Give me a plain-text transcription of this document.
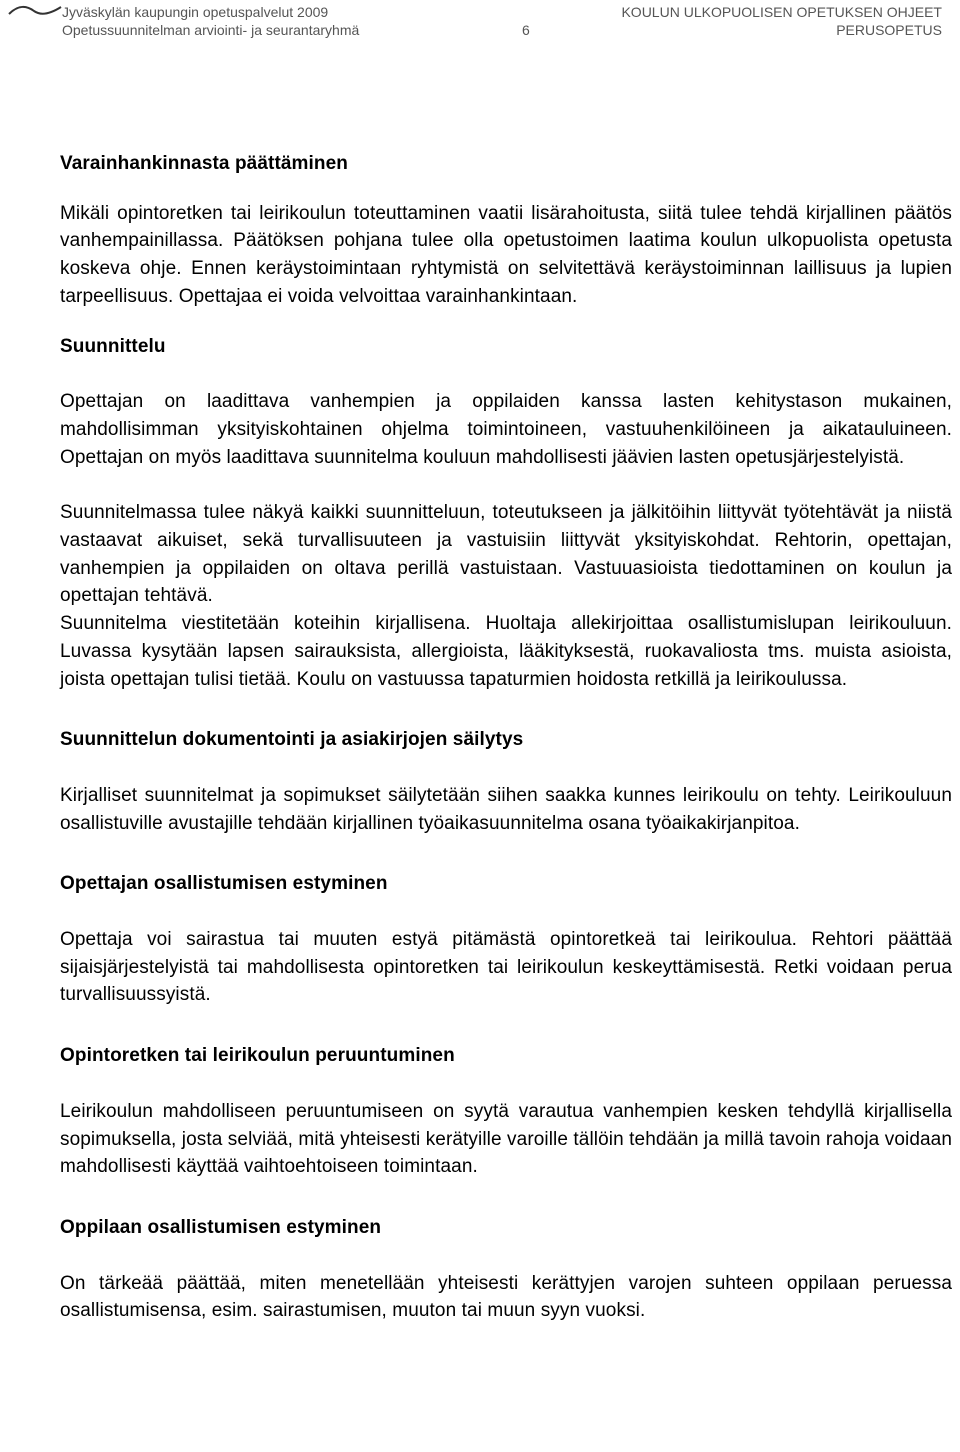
Jyväskylän kaupungin opetuspalvelut 2009
Opetussuunnitelman arviointi- ja seurantaryhmä	6
KOULUN ULKOPUOLISEN OPETUKSEN OHJEET
PERUSOPETUS
Varainhankinnasta päättäminen

Mikäli opintoretken tai leirikoulun toteuttaminen vaatii lisärahoitusta, siitä tulee tehdä kirjallinen päätös vanhempainillassa. Päätöksen pohjana tulee olla opetustoimen laatima koulun ulkopuolista opetusta koskeva ohje. Ennen keräystoimintaan ryhtymistä on selvitettävä keräystoiminnan laillisuus ja lupien tarpeellisuus. Opettajaa ei voida velvoittaa varainhankintaan.

Suunnittelu

Opettajan on laadittava vanhempien ja oppilaiden kanssa lasten kehitystason mukainen, mahdollisimman yksityiskohtainen ohjelma toimintoineen, vastuuhenkilöineen ja aikatauluineen. Opettajan on myös laadittava suunnitelma kouluun mahdollisesti jäävien lasten opetusjärjestelyistä.

Suunnitelmassa tulee näkyä kaikki suunnitteluun, toteutukseen ja jälkitöihin liittyvät työtehtävät ja niistä vastaavat aikuiset, sekä turvallisuuteen ja vastuisiin liittyvät yksityiskohdat. Rehtorin, opettajan, vanhempien ja oppilaiden on oltava perillä vastuistaan. Vastuuasioista tiedottaminen on koulun ja opettajan tehtävä.

Suunnitelma viestitetään koteihin kirjallisena. Huoltaja allekirjoittaa osallistumislupan leirikouluun. Luvassa kysytään lapsen sairauksista, allergioista, lääkityksestä, ruokavaliosta tms. muista asioista, joista opettajan tulisi tietää. Koulu on vastuussa tapaturmien hoidosta retkillä ja leirikoulussa.

Suunnittelun dokumentointi ja asiakirjojen säilytys

Kirjalliset suunnitelmat ja sopimukset säilytetään siihen saakka kunnes leirikoulu on tehty. Leirikouluun osallistuville avustajille tehdään kirjallinen työaikasuunnitelma osana työaikakirjanpitoa.

Opettajan osallistumisen estyminen

Opettaja voi sairastua tai muuten estyä pitämästä opintoretkeä tai leirikoulua. Rehtori päättää sijaisjärjestelyistä tai mahdollisesta opintoretken tai leirikoulun keskeyttämisestä. Retki voidaan perua turvallisuussyistä.

Opintoretken tai leirikoulun peruuntuminen

Leirikoulun mahdolliseen peruuntumiseen on syytä varautua vanhempien kesken tehdyllä kirjallisella sopimuksella, josta selviää, mitä yhteisesti kerätyille varoille tällöin tehdään ja millä tavoin rahoja voidaan mahdollisesti käyttää vaihtoehtoiseen toimintaan.

Oppilaan osallistumisen estyminen

On tärkeää päättää, miten menetellään yhteisesti kerättyjen varojen suhteen oppilaan peruessa osallistumisensa, esim. sairastumisen, muuton tai muun syyn vuoksi.
